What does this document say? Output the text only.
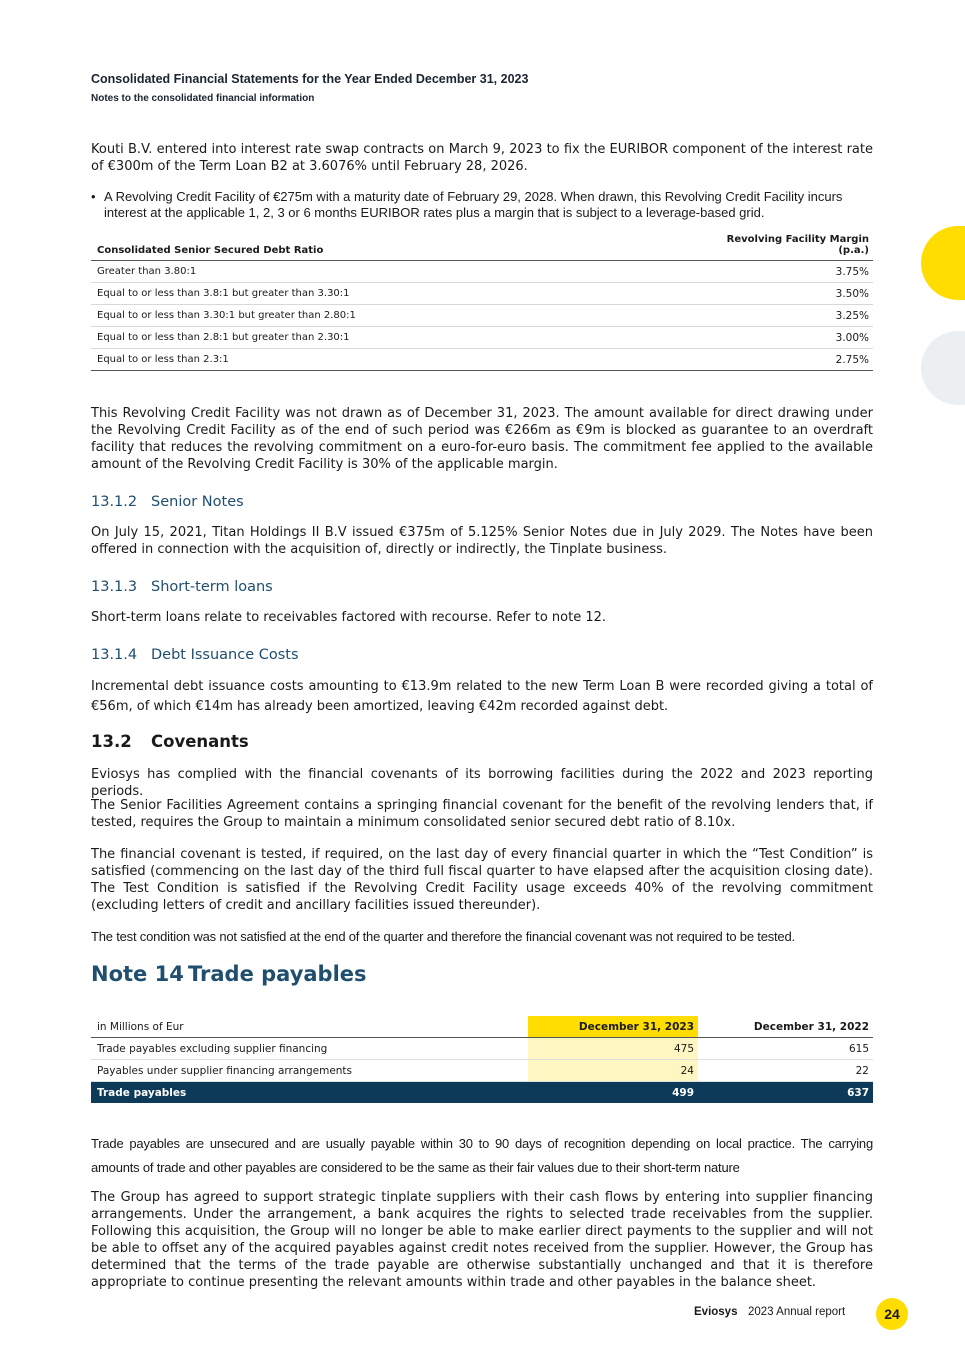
Consolidated Financial Statements for the Year Ended December 31, 2023
Notes to the consolidated financial information
Kouti B.V. entered into interest rate swap contracts on March 9, 2023 to fix the EURIBOR component of the interest rate of €300m of the Term Loan B2 at 3.6076% until February 28, 2026.
• A Revolving Credit Facility of €275m with a maturity date of February 29, 2028. When drawn, this Revolving Credit Facility incurs interest at the applicable 1, 2, 3 or 6 months EURIBOR rates plus a margin that is subject to a leverage-based grid.
Consolidated Senior Secured Debt Ratio	Revolving Facility Margin
(p.a.)
Greater than 3.80:1	3.75%
Equal to or less than 3.8:1 but greater than 3.30:1	3.50%
Equal to or less than 3.30:1 but greater than 2.80:1	3.25%
Equal to or less than 2.8:1 but greater than 2.30:1	3.00%
Equal to or less than 2.3:1	2.75%
This Revolving Credit Facility was not drawn as of December 31, 2023. The amount available for direct drawing under the Revolving Credit Facility as of the end of such period was €266m as €9m is blocked as guarantee to an overdraft facility that reduces the revolving commitment on a euro-for-euro basis. The commitment fee applied to the available amount of the Revolving Credit Facility is 30% of the applicable margin.
13.1.2 Senior Notes
On July 15, 2021, Titan Holdings II B.V issued €375m of 5.125% Senior Notes due in July 2029. The Notes have been offered in connection with the acquisition of, directly or indirectly, the Tinplate business.
13.1.3 Short-term loans
Short-term loans relate to receivables factored with recourse. Refer to note 12.
13.1.4 Debt Issuance Costs
Incremental debt issuance costs amounting to €13.9m related to the new Term Loan B were recorded giving a total of €56m, of which €14m has already been amortized, leaving €42m recorded against debt.
13.2 Covenants
Eviosys has complied with the financial covenants of its borrowing facilities during the 2022 and 2023 reporting periods.
The Senior Facilities Agreement contains a springing financial covenant for the benefit of the revolving lenders that, if tested, requires the Group to maintain a minimum consolidated senior secured debt ratio of 8.10x.
The financial covenant is tested, if required, on the last day of every financial quarter in which the “Test Condition” is satisfied (commencing on the last day of the third full fiscal quarter to have elapsed after the acquisition closing date). The Test Condition is satisfied if the Revolving Credit Facility usage exceeds 40% of the revolving commitment (excluding letters of credit and ancillary facilities issued thereunder).
The test condition was not satisfied at the end of the quarter and therefore the financial covenant was not required to be tested.
Note 14 Trade payables
in Millions of Eur	December 31, 2023	December 31, 2022
Trade payables excluding supplier financing	475	615
Payables under supplier financing arrangements	24	22
Trade payables	499	637
Trade payables are unsecured and are usually payable within 30 to 90 days of recognition depending on local practice. The carrying amounts of trade and other payables are considered to be the same as their fair values due to their short-term nature
The Group has agreed to support strategic tinplate suppliers with their cash flows by entering into supplier financing arrangements. Under the arrangement, a bank acquires the rights to selected trade receivables from the supplier. Following this acquisition, the Group will no longer be able to make earlier direct payments to the supplier and will not be able to offset any of the acquired payables against credit notes received from the supplier. However, the Group has determined that the terms of the trade payable are otherwise substantially unchanged and that it is therefore appropriate to continue presenting the relevant amounts within trade and other payables in the balance sheet.
Eviosys 2023 Annual report	24
